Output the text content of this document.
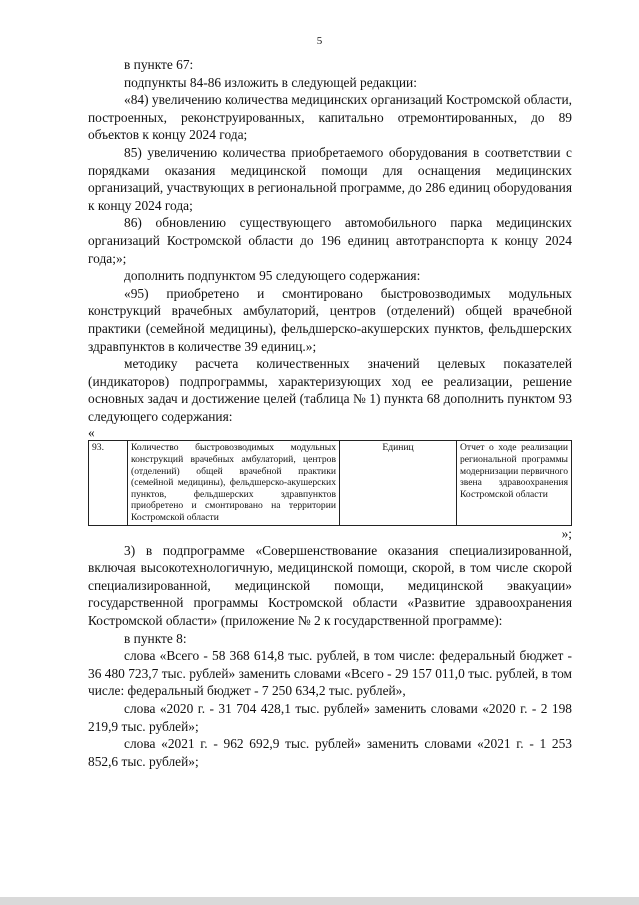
5

в пункте 67:

подпункты 84-86 изложить в следующей редакции:

«84) увеличению количества медицинских организаций Костромской области, построенных, реконструированных, капитально отремонтированных, до 89 объектов к концу 2024 года;

85) увеличению количества приобретаемого оборудования в соответствии с порядками оказания медицинской помощи для оснащения медицинских организаций, участвующих в региональной программе, до 286 единиц оборудования к концу 2024 года;

86) обновлению существующего автомобильного парка медицинских организаций Костромской области до 196 единиц автотранспорта к концу 2024 года;»;

дополнить подпунктом 95 следующего содержания:

«95) приобретено и смонтировано быстровозводимых модульных конструкций врачебных амбулаторий, центров (отделений) общей врачебной практики (семейной медицины), фельдшерско-акушерских пунктов, фельдшерских здравпунктов в количестве 39 единиц.»;

методику расчета количественных значений целевых показателей (индикаторов) подпрограммы, характеризующих ход ее реализации, решение основных задач и достижение целей (таблица № 1) пункта 68 дополнить пунктом 93 следующего содержания:

«

93.	Количество быстровозводимых модульных конструкций врачебных амбулаторий, центров (отделений) общей врачебной практики (семейной медицины), фельдшерско-акушерских пунктов, фельдшерских здравпунктов приобретено и смонтировано на территории Костромской области	Единиц	Отчет о ходе реализации региональной программы модернизации первичного звена здравоохранения Костромской области

»;

3) в подпрограмме «Совершенствование оказания специализированной, включая высокотехнологичную, медицинской помощи, скорой, в том числе скорой специализированной, медицинской помощи, медицинской эвакуации» государственной программы Костромской области «Развитие здравоохранения Костромской области» (приложение № 2 к государственной программе):

в пункте 8:

слова «Всего - 58 368 614,8 тыс. рублей, в том числе: федеральный бюджет - 36 480 723,7 тыс. рублей» заменить словами «Всего - 29 157 011,0 тыс. рублей, в том числе: федеральный бюджет - 7 250 634,2 тыс. рублей»,

слова «2020 г. - 31 704 428,1 тыс. рублей» заменить словами «2020 г. - 2 198 219,9 тыс. рублей»;

слова «2021 г. - 962 692,9 тыс. рублей» заменить словами «2021 г. - 1 253 852,6 тыс. рублей»;
